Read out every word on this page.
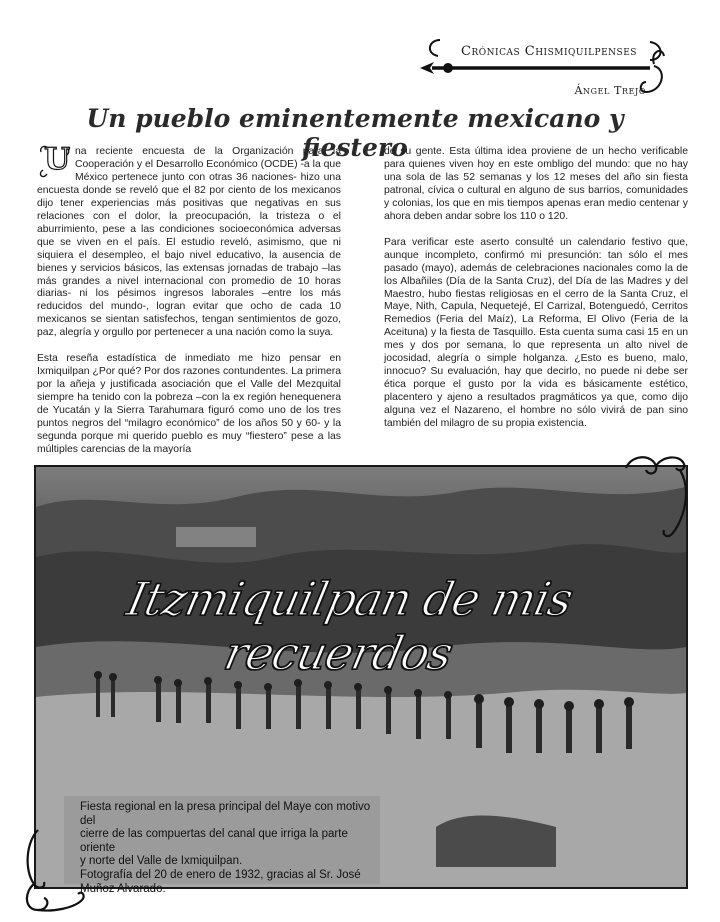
Crónicas Chismiquilpenses
Ángel Trejo
Un pueblo eminentemente mexicano y fiestero

U na reciente encuesta de la Organización para la Cooperación y el Desarrollo Económico (OCDE) -a la que México pertenece junto con otras 36 naciones- hizo una encuesta donde se reveló que el 82 por ciento de los mexicanos dijo tener experiencias más positivas que negativas en sus relaciones con el dolor, la preocupación, la tristeza o el aburrimiento, pese a las condiciones socioeconómica adversas que se viven en el país. El estudio reveló, asimismo, que ni siquiera el desempleo, el bajo nivel educativo, la ausencia de bienes y servicios básicos, las extensas jornadas de trabajo –las más grandes a nivel internacional con promedio de 10 horas diarias- ni los pésimos ingresos laborales –entre los más reducidos del mundo-, logran evitar que ocho de cada 10 mexicanos se sientan satisfechos, tengan sentimientos de gozo, paz, alegría y orgullo por pertenecer a una nación como la suya.

Esta reseña estadística de inmediato me hizo pensar en Ixmiquilpan ¿Por qué? Por dos razones contundentes. La primera por la añeja y justificada asociación que el Valle del Mezquital siempre ha tenido con la pobreza –con la ex región henequenera de Yucatán y la Sierra Tarahumara figuró como uno de los tres puntos negros del “milagro económico” de los años 50 y 60- y la segunda porque mi querido pueblo es muy “fiestero” pese a las múltiples carencias de la mayoría

de su gente. Esta última idea proviene de un hecho verificable para quienes viven hoy en este ombligo del mundo: que no hay una sola de las 52 semanas y los 12 meses del año sin fiesta patronal, cívica o cultural en alguno de sus barrios, comunidades y colonias, los que en mis tiempos apenas eran medio centenar y ahora deben andar sobre los 110 o 120.

Para verificar este aserto consulté un calendario festivo que, aunque incompleto, confirmó mi presunción: tan sólo el mes pasado (mayo), además de celebraciones nacionales como la de los Albañiles (Día de la Santa Cruz), del Día de las Madres y del Maestro, hubo fiestas religiosas en el cerro de la Santa Cruz, el Maye, Nith, Capula, Nequetejé, El Carrizal, Botenguedó, Cerritos Remedios (Feria del Maíz), La Reforma, El Olivo (Feria de la Aceituna) y la fiesta de Tasquillo. Esta cuenta suma casi 15 en un mes y dos por semana, lo que representa un alto nivel de jocosidad, alegría o simple holganza. ¿Esto es bueno, malo, innocuo? Su evaluación, hay que decirlo, no puede ni debe ser ética porque el gusto por la vida es básicamente estético, placentero y ajeno a resultados pragmáticos ya que, como dijo alguna vez el Nazareno, el hombre no sólo vivirá de pan sino también del milagro de su propia existencia.

Itzmiquilpan de mis recuerdos

Fiesta regional en la presa principal del Maye con motivo del

cierre de las compuertas del canal que irriga la parte oriente

y norte del Valle de Ixmiquilpan.

Fotografía del 20 de enero de 1932, gracias al Sr. José

Muñoz Alvarado.
